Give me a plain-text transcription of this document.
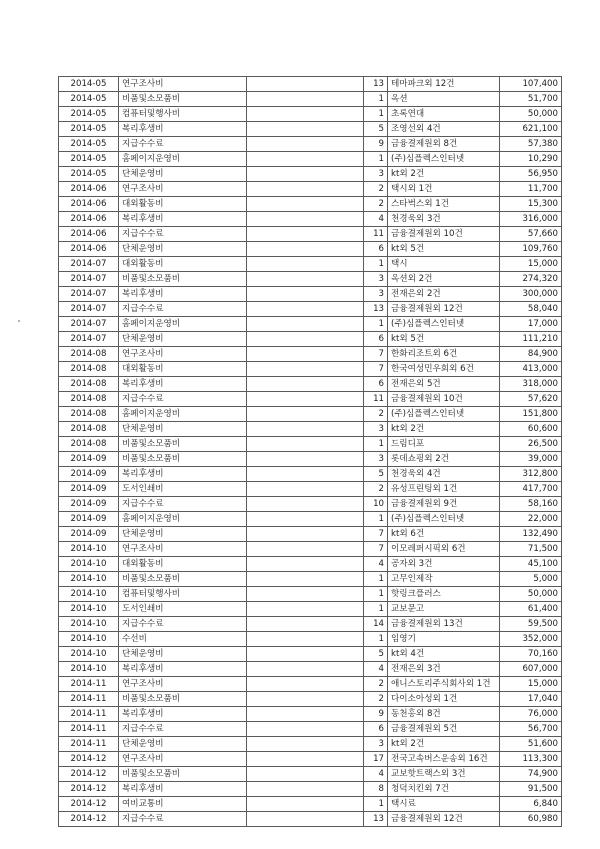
2014-05	연구조사비		13	테마파크외 12건	107,400
2014-05	비품및소모품비		1	옥션	51,700
2014-05	컴퓨터및행사비		1	초록연대	50,000
2014-05	복리후생비		5	조영선외 4건	621,100
2014-05	지급수수료		9	금융결제원외 8건	57,380
2014-05	홈페이지운영비		1	(주)심플렉스인터넷	10,290
2014-05	단체운영비		3	kt외 2건	56,950
2014-06	연구조사비		2	택시외 1건	11,700
2014-06	대외활동비		2	스타벅스외 1건	15,300
2014-06	복리후생비		4	천경욱외 3건	316,000
2014-06	지급수수료		11	금융결제원외 10건	57,660
2014-06	단체운영비		6	kt외 5건	109,760
2014-07	대외활동비		1	택시	15,000
2014-07	비품및소모품비		3	옥션외 2건	274,320
2014-07	복리후생비		3	전재은외 2건	300,000
2014-07	지급수수료		13	금융결제원외 12건	58,040
2014-07	홈페이지운영비		1	(주)심플렉스인터넷	17,000
2014-07	단체운영비		6	kt외 5건	111,210
2014-08	연구조사비		7	한화리조트외 6건	84,900
2014-08	대외활동비		7	한국여성민우회외 6건	413,000
2014-08	복리후생비		6	전재은외 5건	318,000
2014-08	지급수수료		11	금융결제원외 10건	57,620
2014-08	홈페이지운영비		2	(주)심플렉스인터넷	151,800
2014-08	단체운영비		3	kt외 2건	60,600
2014-08	비품및소모품비		1	드림디포	26,500
2014-09	비품및소모품비		3	롯데쇼핑외 2건	39,000
2014-09	복리후생비		5	천경욱외 4건	312,800
2014-09	도서인쇄비		2	유성프린팅외 1건	417,700
2014-09	지급수수료		10	금융결제원외 9건	58,160
2014-09	홈페이지운영비		1	(주)심플렉스인터넷	22,000
2014-09	단체운영비		7	kt외 6건	132,490
2014-10	연구조사비		7	이모레퍼시픽외 6건	71,500
2014-10	대외활동비		4	공자외 3건	45,100
2014-10	비품및소모품비		1	고무인제작	5,000
2014-10	컴퓨터및행사비		1	핫링크플러스	50,000
2014-10	도서인쇄비		1	교보문고	61,400
2014-10	지급수수료		14	금융결제원외 13건	59,500
2014-10	수선비		1	임영기	352,000
2014-10	단체운영비		5	kt외 4건	70,160
2014-10	복리후생비		4	전재은외 3건	607,000
2014-11	연구조사비		2	애니스토리주식회사외 1건	15,000
2014-11	비품및소모품비		2	다이소아성외 1건	17,040
2014-11	복리후생비		9	동천홍외 8건	76,000
2014-11	지급수수료		6	금융결제원외 5건	56,700
2014-11	단체운영비		3	kt외 2건	51,600
2014-12	연구조사비		17	전국고속버스운송외 16건	113,300
2014-12	비품및소모품비		4	교보핫트랙스외 3건	74,900
2014-12	복리후생비		8	청덕치킨외 7건	91,500
2014-12	여비교통비		1	택시료	6,840
2014-12	지급수수료		13	금융결제원외 12건	60,980
